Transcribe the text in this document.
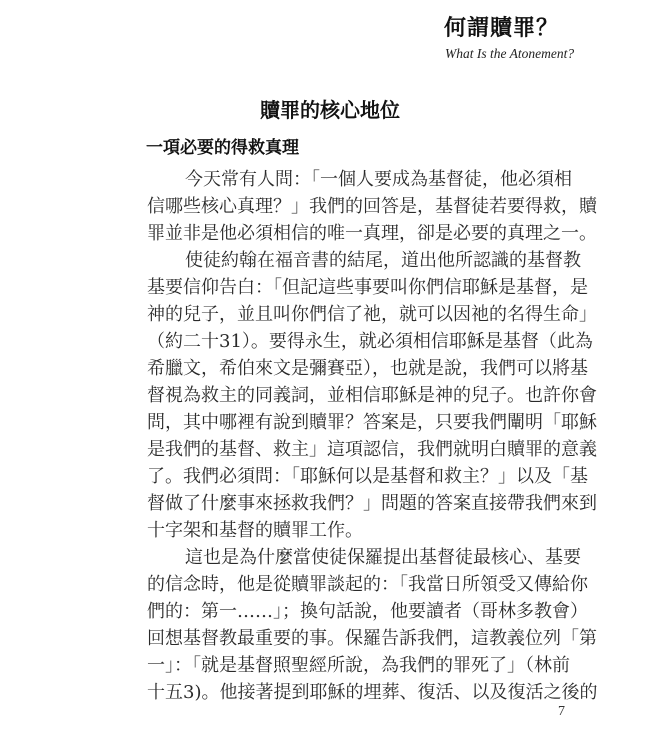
何謂贖罪？
What Is the Atonement?
贖罪的核心地位
一項必要的得救真理
今天常有人問：「一個人要成為基督徒，他必須相
信哪些核心真理？」我們的回答是，基督徒若要得救，贖
罪並非是他必須相信的唯一真理，卻是必要的真理之一。
使徒約翰在福音書的結尾，道出他所認識的基督教
基要信仰告白：「但記這些事要叫你們信耶穌是基督，是
神的兒子，並且叫你們信了祂，就可以因祂的名得生命」
（約二十31）。要得永生，就必須相信耶穌是基督（此為
希臘文，希伯來文是彌賽亞），也就是說，我們可以將基
督視為救主的同義詞，並相信耶穌是神的兒子。也許你會
問，其中哪裡有說到贖罪？答案是，只要我們闡明「耶穌
是我們的基督、救主」這項認信，我們就明白贖罪的意義
了。我們必須問：「耶穌何以是基督和救主？」以及「基
督做了什麼事來拯救我們？」問題的答案直接帶我們來到
十字架和基督的贖罪工作。
這也是為什麼當使徒保羅提出基督徒最核心、基要
的信念時，他是從贖罪談起的：「我當日所領受又傳給你
們的：第一……」；換句話說，他要讀者（哥林多教會）
回想基督教最重要的事。保羅告訴我們，這教義位列「第
一」：「就是基督照聖經所說，為我們的罪死了」（林前
十五3)。他接著提到耶穌的埋葬、復活、以及復活之後的
7
